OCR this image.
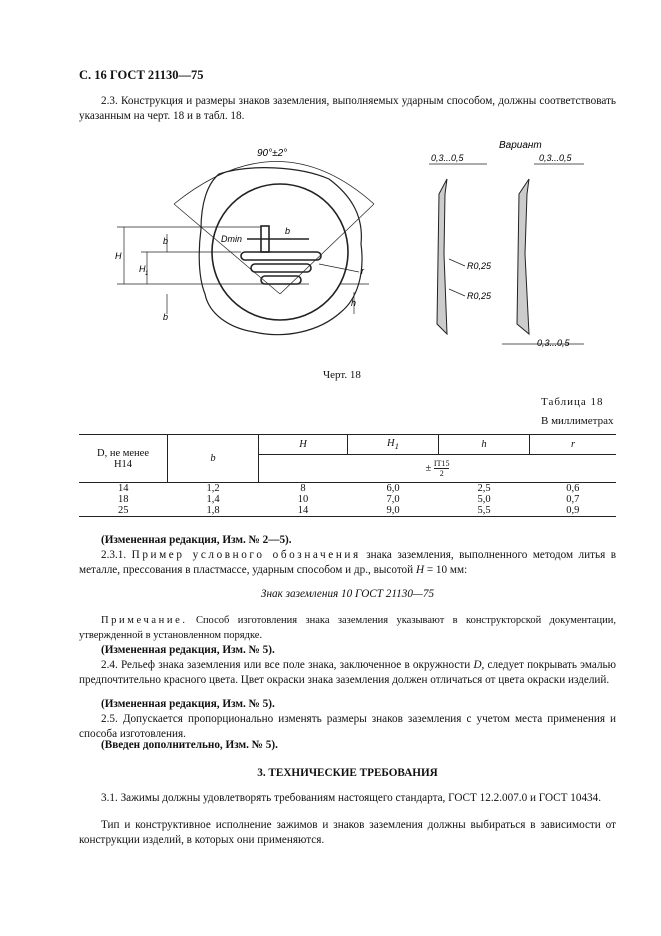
С. 16 ГОСТ 21130—75
2.3. Конструкция и размеры знаков заземления, выполняемых ударным способом, должны соответствовать указанным на черт. 18 и в табл. 18.
90°±2°
Dmin
b
H
H 1
b
b
h
r
Вариант
0,3...0,5	0,3...0,5
0,3...0,5
R0,25
R0,25
Черт. 18
Таблица 18
В миллиметрах
D, не менее
H14	b	H	$H_1$	h	r
		± $\frac{IT15}{2}$

14	1,2	8	6,0	2,5	0,6
18	1,4	10	7,0	5,0	0,7
25	1,8	14	9,0	5,5	0,9
(Измененная редакция, Изм. № 2—5).
2.3.1. Пример условного обозначения знака заземления, выполненного методом литья в металле, прессования в пластмассе, ударным способом и др., высотой H = 10 мм:
Знак заземления 10 ГОСТ 21130—75
Примечание. Способ изготовления знака заземления указывают в конструкторской документации, утвержденной в установленном порядке.
(Измененная редакция, Изм. № 5).
2.4. Рельеф знака заземления или все поле знака, заключенное в окружности D, следует покрывать эмалью предпочтительно красного цвета. Цвет окраски знака заземления должен отличаться от цвета окраски изделий.
(Измененная редакция, Изм. № 5).
2.5. Допускается пропорционально изменять размеры знаков заземления с учетом места применения и способа изготовления.
(Введен дополнительно, Изм. № 5).
3. ТЕХНИЧЕСКИЕ ТРЕБОВАНИЯ
3.1. Зажимы должны удовлетворять требованиям настоящего стандарта, ГОСТ 12.2.007.0 и ГОСТ 10434.
Тип и конструктивное исполнение зажимов и знаков заземления должны выбираться в зависимости от конструкции изделий, в которых они применяются.
